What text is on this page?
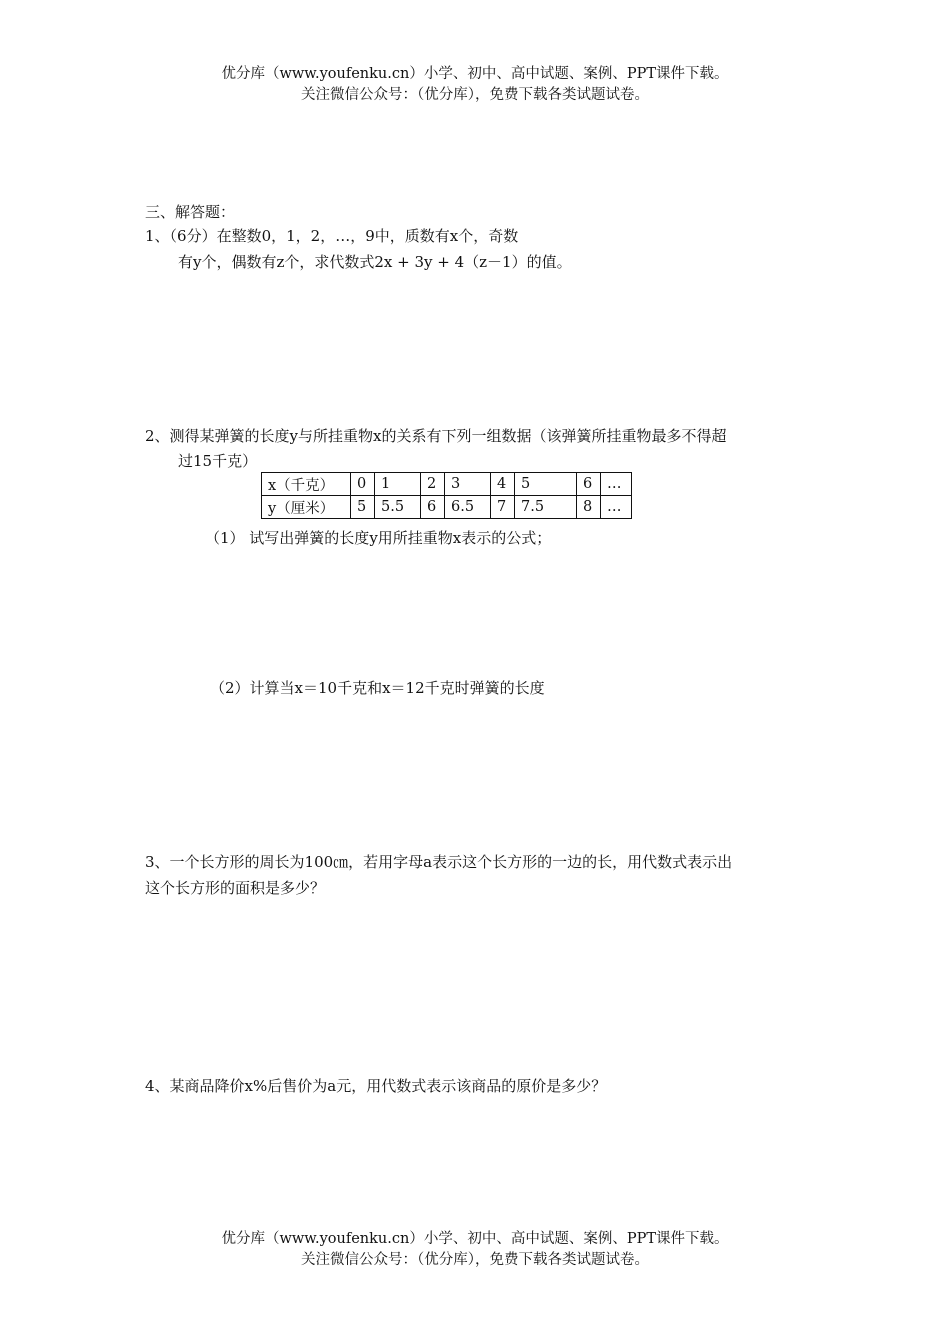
优分库（www.youfenku.cn）小学、初中、高中试题、案例、PPT课件下载。
关注微信公众号：（优分库），免费下载各类试题试卷。
三、解答题：
1、（6分）在整数0，1，2，…，9中，质数有x个，奇数
有y个，偶数有z个，求代数式2x + 3y + 4（z－1）的值。
2、测得某弹簧的长度y与所挂重物x的关系有下列一组数据（该弹簧所挂重物最多不得超
过15千克）
x（千克）	0	1	2	3	4	5	6	…
y（厘米）	5	5.5	6	6.5	7	7.5	8	…
（1） 试写出弹簧的长度y用所挂重物x表示的公式；
（2）计算当x＝10千克和x＝12千克时弹簧的长度
3、一个长方形的周长为100㎝，若用字母a表示这个长方形的一边的长，用代数式表示出
这个长方形的面积是多少？
4、某商品降价x%后售价为a元，用代数式表示该商品的原价是多少？
优分库（www.youfenku.cn）小学、初中、高中试题、案例、PPT课件下载。
关注微信公众号：（优分库），免费下载各类试题试卷。
